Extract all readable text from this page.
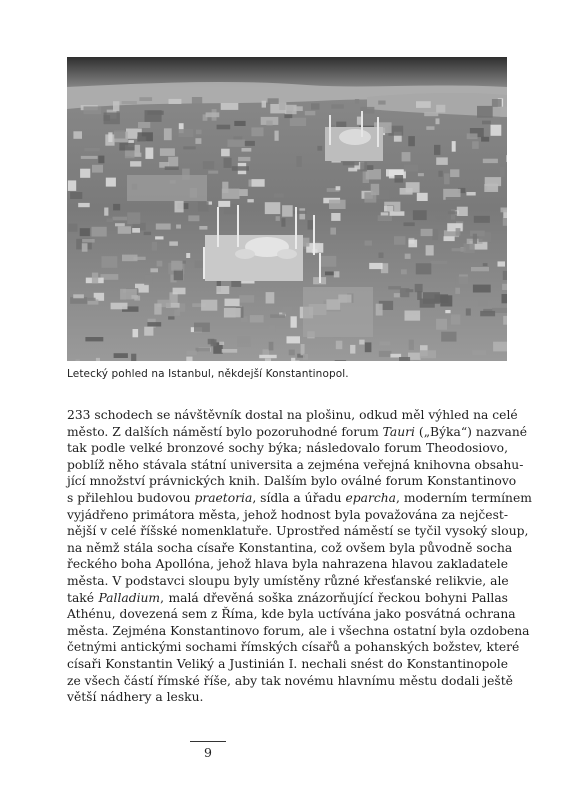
Letecký pohled na Istanbul, někdejší Konstantinopol.
233 schodech se návštěvník dostal na plošinu, odkud měl výhled na celé
město. Z dalších náměstí bylo pozoruhodné forum Tauri („Býka“) nazvané
tak podle velké bronzové sochy býka; následovalo forum Theodosiovo,
poblíž něho stávala státní universita a zejména veřejná knihovna obsahu-
jící množství právnických knih. Dalším bylo oválné forum Konstantinovo
s přilehlou budovou praetoria, sídla a úřadu eparcha, moderním termínem
vyjádřeno primátora města, jehož hodnost byla považována za nejčest-
nější v celé říšské nomenklatuře. Uprostřed náměstí se tyčil vysoký sloup,
na němž stála socha císaře Konstantina, což ovšem byla původně socha
řeckého boha Apollóna, jehož hlava byla nahrazena hlavou zakladatele
města. V podstavci sloupu byly umístěny různé křesťanské relikvie, ale
také Palladium, malá dřevěná soška znázorňující řeckou bohyni Pallas
Athénu, dovezená sem z Říma, kde byla uctívána jako posvátná ochrana
města. Zejména Konstantinovo forum, ale i všechna ostatní byla ozdobena
četnými antickými sochami římských císařů a pohanských božstev, které
císaři Konstantin Veliký a Justinián I. nechali snést do Konstantinopole
ze všech částí římské říše, aby tak novému hlavnímu městu dodali ještě
větší nádhery a lesku.
9
